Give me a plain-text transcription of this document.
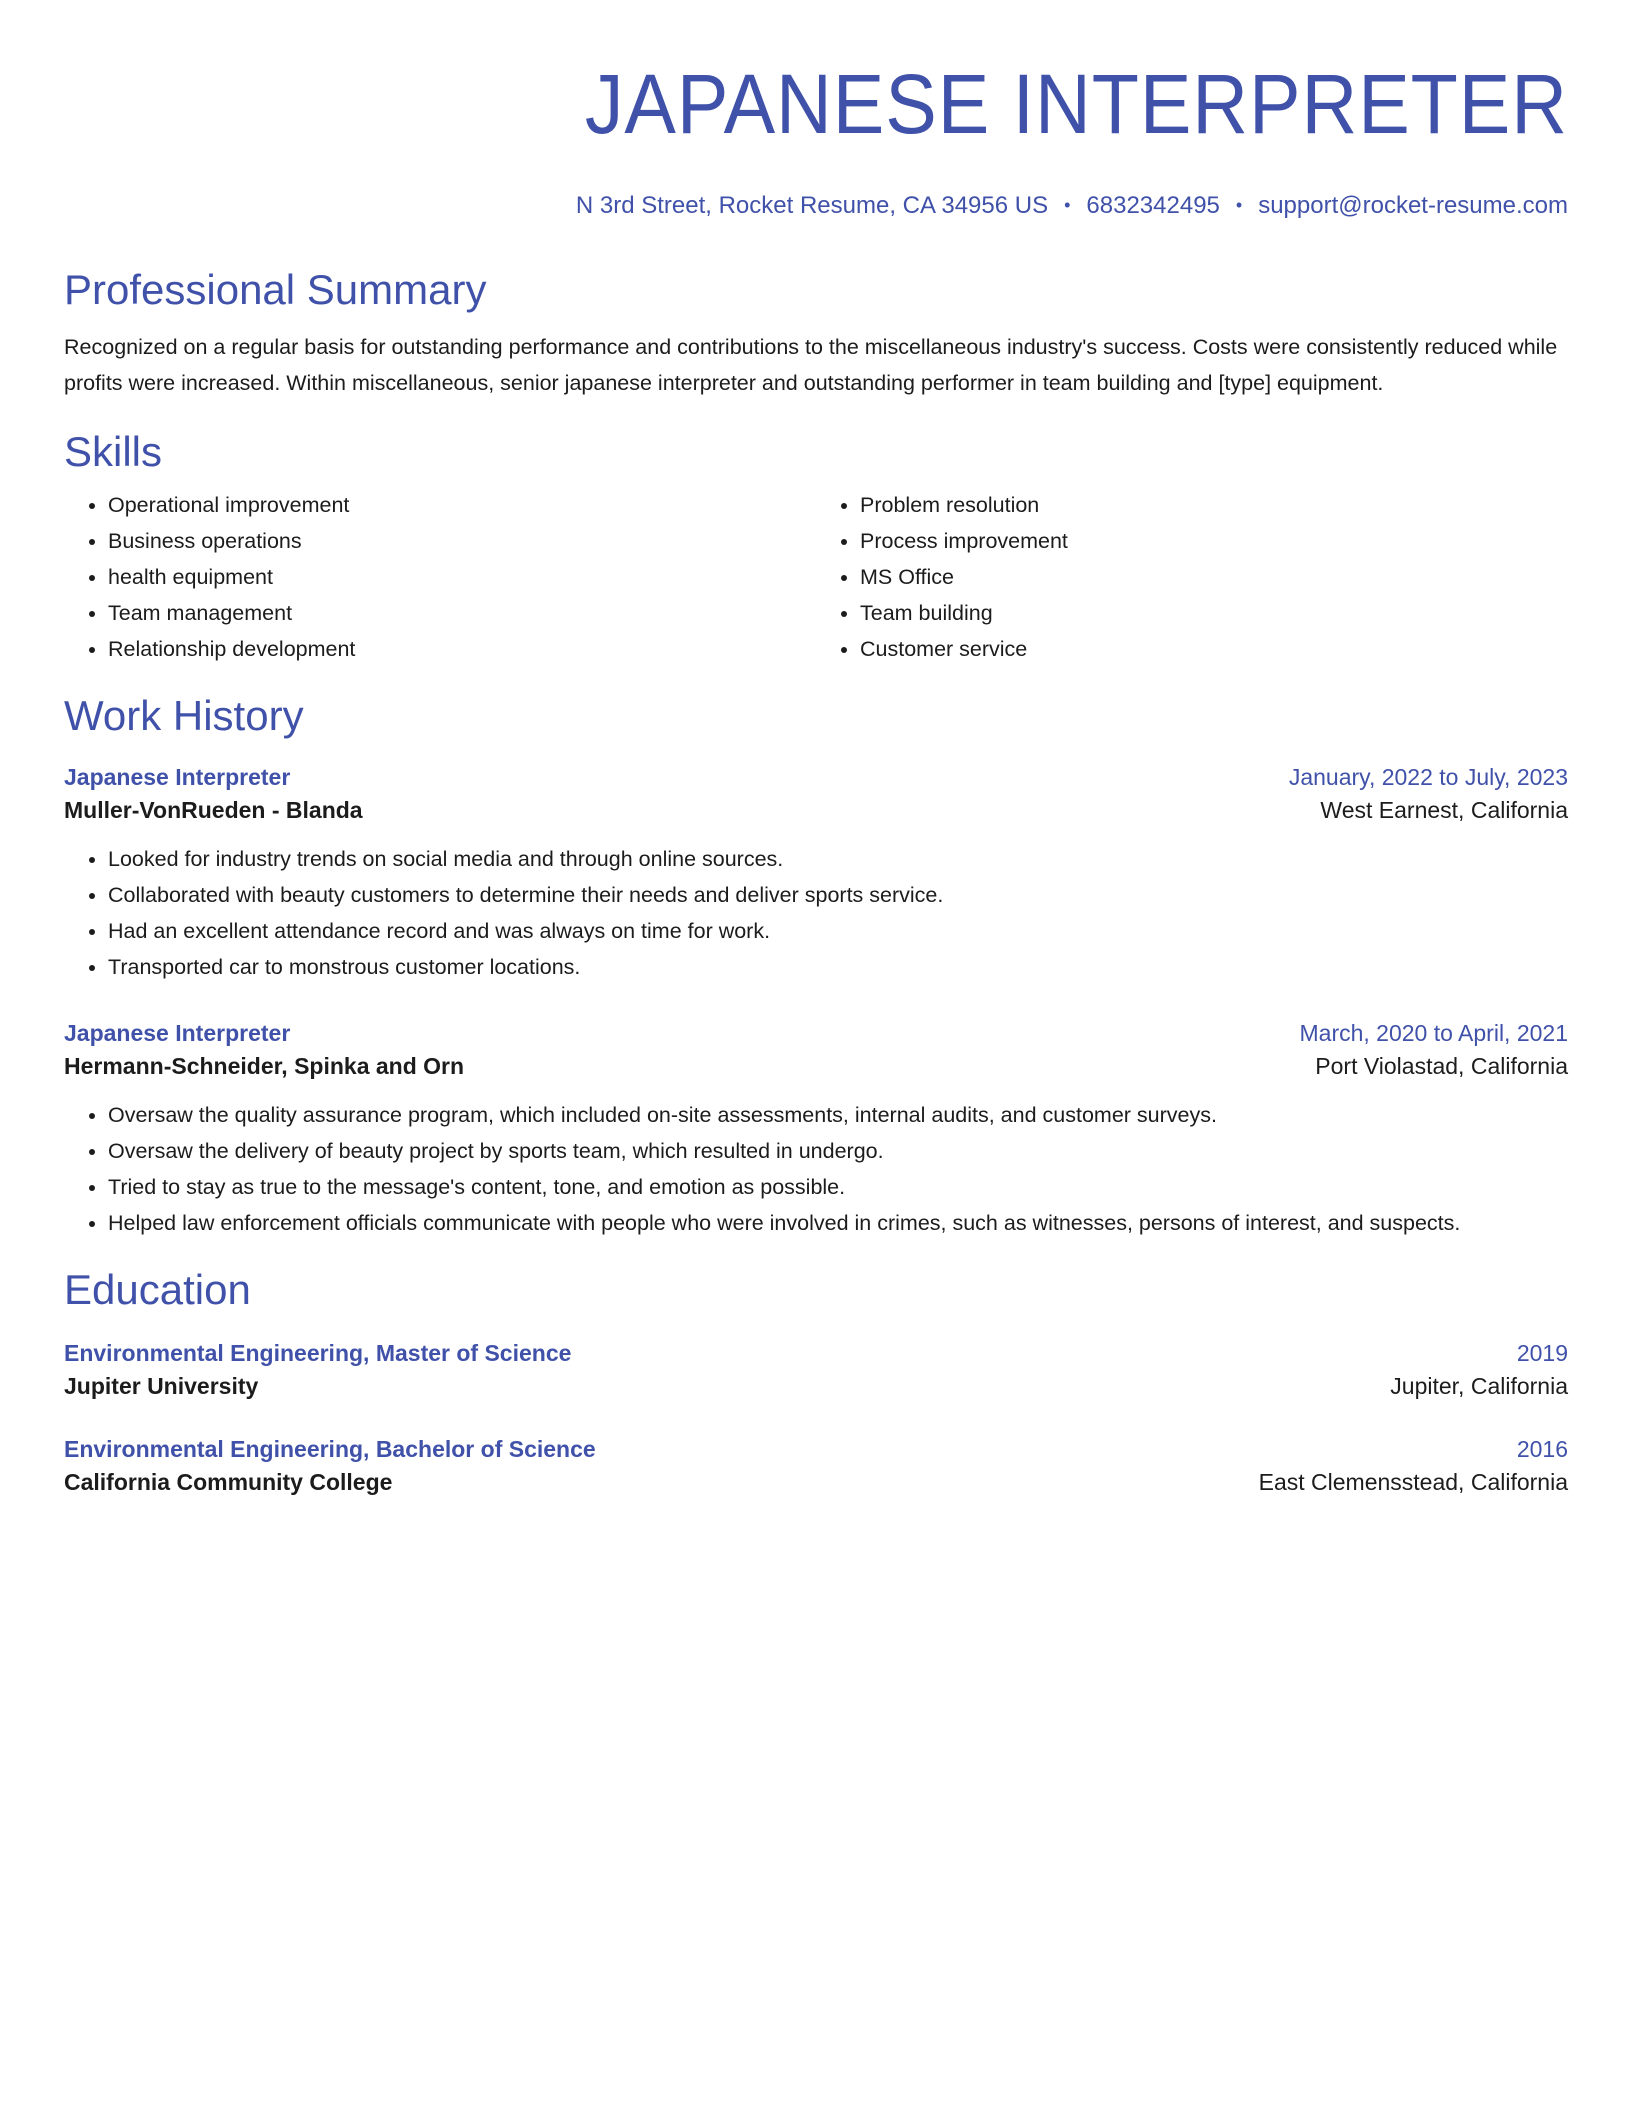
JAPANESE INTERPRETER
N 3rd Street, Rocket Resume, CA 34956 US • 6832342495 • support@rocket-resume.com
Professional Summary
Recognized on a regular basis for outstanding performance and contributions to the miscellaneous industry's success. Costs were consistently reduced while profits were increased. Within miscellaneous, senior japanese interpreter and outstanding performer in team building and [type] equipment.
Skills
• Operational improvement
• Business operations
• health equipment
• Team management
• Relationship development
• Problem resolution
• Process improvement
• MS Office
• Team building
• Customer service
Work History
Japanese Interpreter	January, 2022 to July, 2023
Muller-VonRueden - Blanda	West Earnest, California
• Looked for industry trends on social media and through online sources.
• Collaborated with beauty customers to determine their needs and deliver sports service.
• Had an excellent attendance record and was always on time for work.
• Transported car to monstrous customer locations.
Japanese Interpreter	March, 2020 to April, 2021
Hermann-Schneider, Spinka and Orn	Port Violastad, California
• Oversaw the quality assurance program, which included on-site assessments, internal audits, and customer surveys.
• Oversaw the delivery of beauty project by sports team, which resulted in undergo.
• Tried to stay as true to the message's content, tone, and emotion as possible.
• Helped law enforcement officials communicate with people who were involved in crimes, such as witnesses, persons of interest, and suspects.
Education
Environmental Engineering, Master of Science	2019
Jupiter University	Jupiter, California
Environmental Engineering, Bachelor of Science	2016
California Community College	East Clemensstead, California
